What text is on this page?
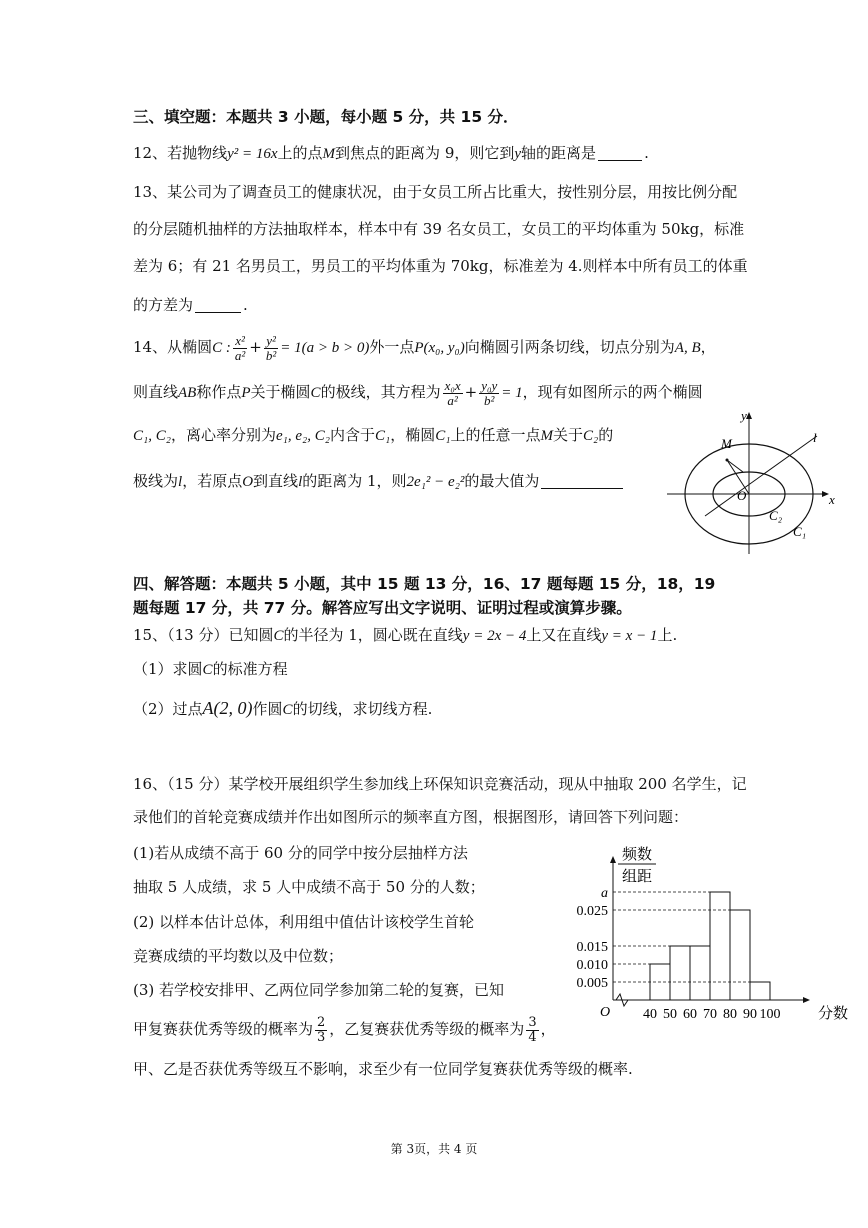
三、填空题：本题共 3 小题，每小题 5 分，共 15 分．
12、若抛物线y² = 16x上的点M到焦点的距离为 9，则它到y轴的距离是	.
13、某公司为了调查员工的健康状况，由于女员工所占比重大，按性别分层，用按比例分配
的分层随机抽样的方法抽取样本，样本中有 39 名女员工，女员工的平均体重为 50kg，标准
差为 6；有 21 名男员工，男员工的平均体重为 70kg，标准差为 4.则样本中所有员工的体重
的方差为	.
14、从椭圆C : $\frac{\text{x²}}{\text{a²}} + \frac{\text{y²}}{\text{b²}} = 1(a > b > 0)$外一点P(x₀, y₀)向椭圆引两条切线，切点分别为A, B，
则直线AB称作点P关于椭圆C的极线，其方程为 $\frac{\text{x₀x}}{\text{a²}} + \frac{\text{y₀y}}{\text{b²}} = 1$，现有如图所示的两个椭圆
C₁, C₂，离心率分别为e₁, e₂, C₂内含于C₁，椭圆C₁上的任意一点M关于C₂的
极线为l，若原点O到直线l的距离为 1，则2e₁² − e₂²的最大值为
y
x
M	l
O
C₂
C₁
四、解答题：本题共 5 小题，其中 15 题 13 分，16、17 题每题 15 分，18，19
题每题 17 分，共 77 分。解答应写出文字说明、证明过程或演算步骤。
15、（13 分）已知圆C的半径为 1，圆心既在直线y = 2x − 4上又在直线y = x − 1上.
（1）求圆C的标准方程
（2）过点A(2, 0)作圆C的切线，求切线方程.
16、（15 分）某学校开展组织学生参加线上环保知识竞赛活动，现从中抽取 200 名学生，记
录他们的首轮竞赛成绩并作出如图所示的频率直方图，根据图形，请回答下列问题：
(1)若从成绩不高于 60 分的同学中按分层抽样方法
抽取 5 人成绩，求 5 人中成绩不高于 50 分的人数；
(2) 以样本估计总体，利用组中值估计该校学生首轮
竞赛成绩的平均数以及中位数；
(3) 若学校安排甲、乙两位同学参加第二轮的复赛，已知
甲复赛获优秀等级的概率为 $\frac{2}{3}$ ，乙复赛获优秀等级的概率为 $\frac{3}{4}$ ，
甲、乙是否获优秀等级互不影响，求至少有一位同学复赛获优秀等级的概率.
a
0.025
0.015
0.010
0.005
40 50 60 70 80 90 100
O	分数
频数
组距
第 3页，共 4 页
